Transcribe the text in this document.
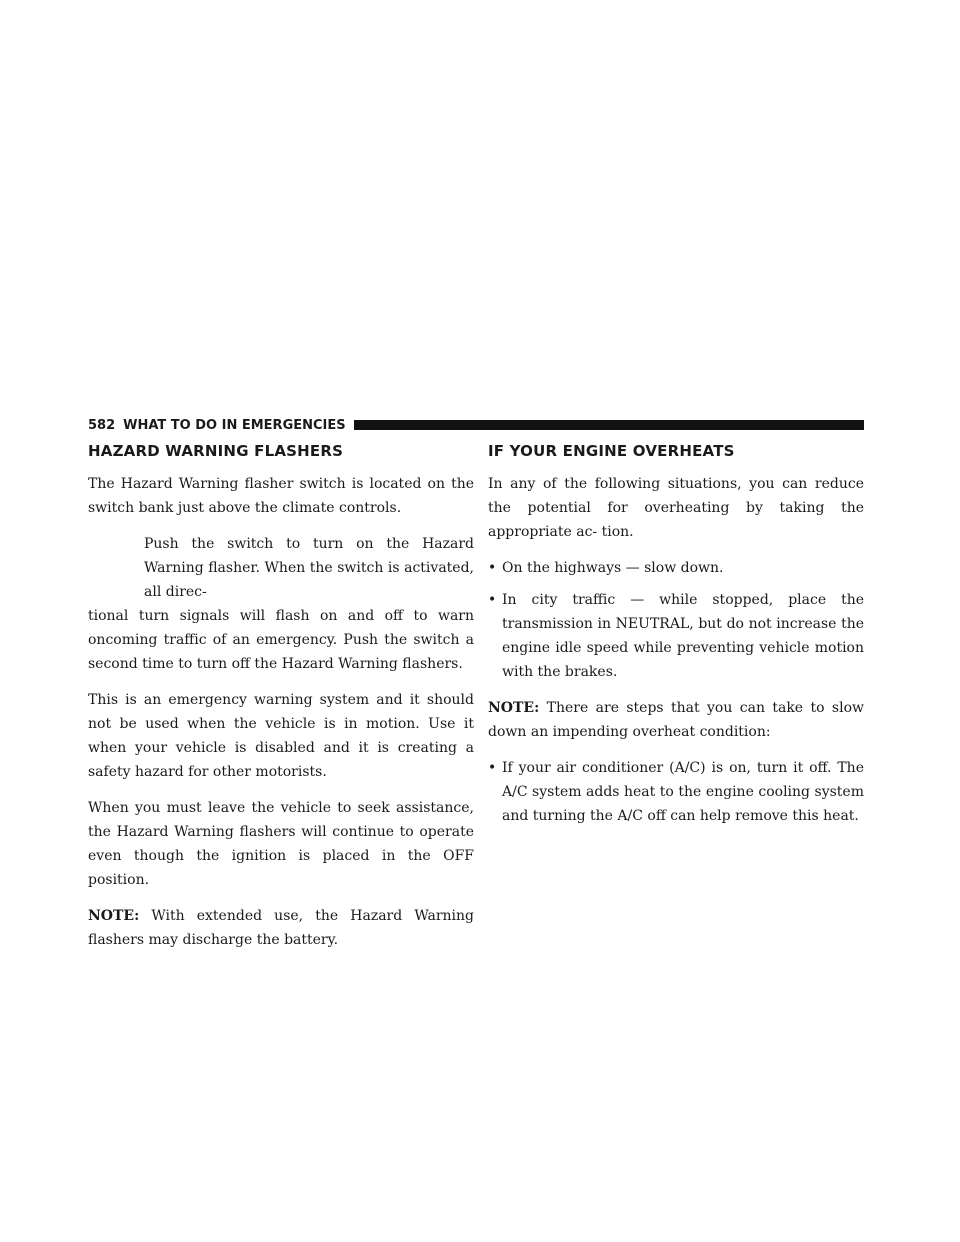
582 WHAT TO DO IN EMERGENCIES
HAZARD WARNING FLASHERS

The Hazard Warning flasher switch is located on the switch bank just above the climate controls.

Push the switch to turn on the Hazard Warning flasher. When the switch is activated, all direc-

tional turn signals will flash on and off to warn oncoming traffic of an emergency. Push the switch a second time to turn off the Hazard Warning flashers.

This is an emergency warning system and it should not be used when the vehicle is in motion. Use it when your vehicle is disabled and it is creating a safety hazard for other motorists.

When you must leave the vehicle to seek assistance, the Hazard Warning flashers will continue to operate even though the ignition is placed in the OFF position.

NOTE: With extended use, the Hazard Warning flashers may discharge the battery.

IF YOUR ENGINE OVERHEATS

In any of the following situations, you can reduce the potential for overheating by taking the appropriate ac- tion.

• On the highways — slow down.
• In city traffic — while stopped, place the transmission in NEUTRAL, but do not increase the engine idle speed while preventing vehicle motion with the brakes.

NOTE: There are steps that you can take to slow down an impending overheat condition:

• If your air conditioner (A/C) is on, turn it off. The A/C system adds heat to the engine cooling system and turning the A/C off can help remove this heat.
